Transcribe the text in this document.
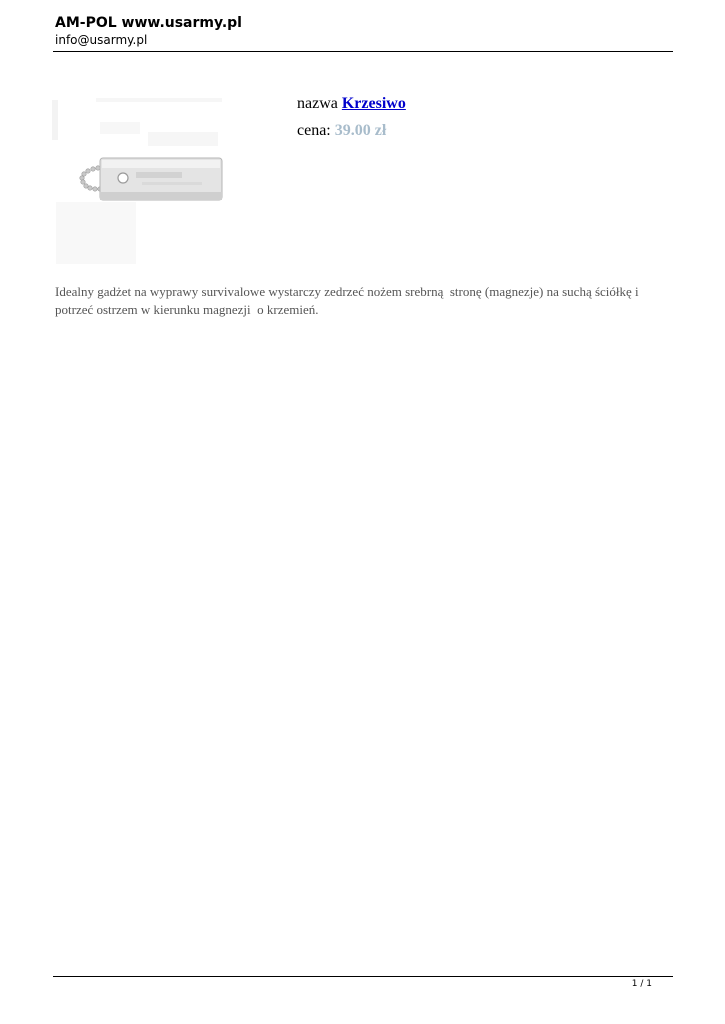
AM-POL www.usarmy.pl
info@usarmy.pl
nazwa Krzesiwo
cena: 39.00 zł
Idealny gadżet na wyprawy survivalowe wystarczy zedrzeć nożem srebrną  stronę (magnezje) na suchą ściółkę i potrzeć ostrzem w kierunku magnezji  o krzemień.
1 / 1
